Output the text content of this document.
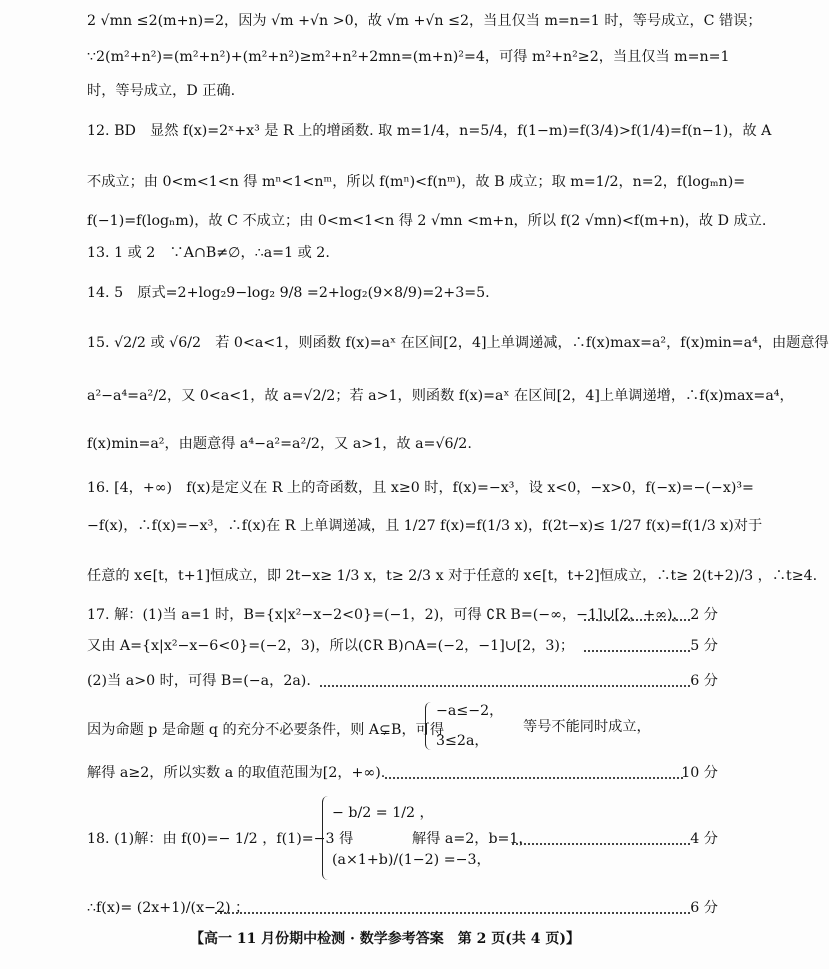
2 √mn ≤2(m+n)=2，因为 √m +√n >0，故 √m +√n ≤2，当且仅当 m=n=1 时，等号成立，C 错误；
∵2(m²+n²)=(m²+n²)+(m²+n²)≥m²+n²+2mn=(m+n)²=4，可得 m²+n²≥2，当且仅当 m=n=1
时，等号成立，D 正确.
12. BD　显然 f(x)=2ˣ+x³ 是 R 上的增函数. 取 m=1/4，n=5/4，f(1−m)=f(3/4)>f(1/4)=f(n−1)，故 A
不成立；由 0<m<1<n 得 mⁿ<1<nᵐ，所以 f(mⁿ)<f(nᵐ)，故 B 成立；取 m=1/2，n=2，f(logₘn)=
f(−1)=f(logₙm)，故 C 不成立；由 0<m<1<n 得 2 √mn <m+n，所以 f(2 √mn)<f(m+n)，故 D 成立.
13. 1 或 2　∵A∩B≠∅，∴a=1 或 2.
14. 5　原式=2+log₂9−log₂ 9/8 =2+log₂(9×8/9)=2+3=5.
15. √2/2 或 √6/2　若 0<a<1，则函数 f(x)=aˣ 在区间[2，4]上单调递减，∴f(x)max=a²，f(x)min=a⁴，由题意得
a²−a⁴=a²/2，又 0<a<1，故 a=√2/2；若 a>1，则函数 f(x)=aˣ 在区间[2，4]上单调递增，∴f(x)max=a⁴，
f(x)min=a²，由题意得 a⁴−a²=a²/2，又 a>1，故 a=√6/2.
16. [4，+∞)　f(x)是定义在 R 上的奇函数，且 x≥0 时，f(x)=−x³，设 x<0，−x>0，f(−x)=−(−x)³=
−f(x)，∴f(x)=−x³，∴f(x)在 R 上单调递减，且 1/27 f(x)=f(1/3 x)，f(2t−x)≤ 1/27 f(x)=f(1/3 x)对于
任意的 x∈[t，t+1]恒成立，即 2t−x≥ 1/3 x，t≥ 2/3 x 对于任意的 x∈[t，t+2]恒成立，∴t≥ 2(t+2)/3 ，∴t≥4.
17. 解：(1)当 a=1 时，B={x|x²−x−2<0}=(−1，2)，可得 ∁R B=(−∞，−1]∪[2，+∞)， 2 分
又由 A={x|x²−x−6<0}=(−2，3)，所以(∁R B)∩A=(−2，−1]∪[2，3)；	5 分
(2)当 a>0 时，可得 B=(−a，2a).	6 分
因为命题 p 是命题 q 的充分不必要条件，则 A⊊B，可得
−a≤−2，
3≤2a，
等号不能同时成立，
解得 a≥2，所以实数 a 的取值范围为[2，+∞).	10 分
18. (1)解：由 f(0)=− 1/2 ，f(1)=−3 得
− b/2 = 1/2 ，
(a×1+b)/(1−2) =−3，
解得 a=2，b=1，	4 分
∴f(x)= (2x+1)/(x−2) ；	6 分
【高一 11 月份期中检测 · 数学参考答案　第 2 页(共 4 页)】
